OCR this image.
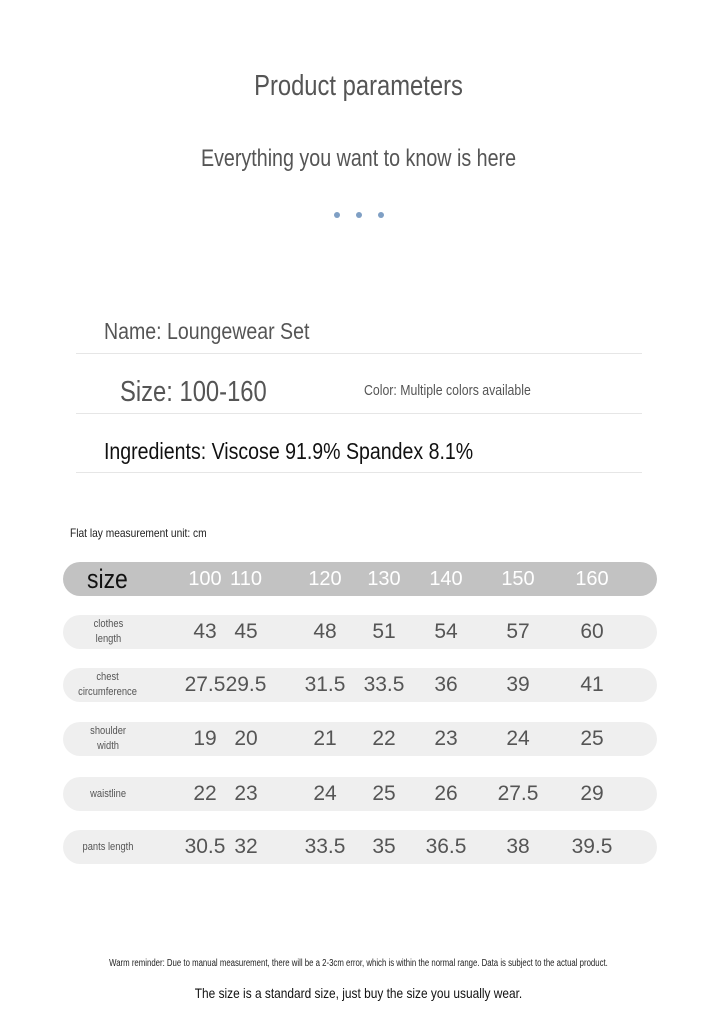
Product parameters
Everything you want to know is here
Name: Loungewear Set
Size: 100-160	Color: Multiple colors available
Ingredients: Viscose 91.9% Spandex 8.1%
Flat lay measurement unit: cm
size	100 110 120 130 140 150 160
clothes
length	43 45	48 51 54 57 60
chest
circumference 27.5 29.5 31.5 33.5 36 39 41
shoulder
width	19 20	21 22 23 24 25
waistline	22 23	24 25 26 27.5 29
pants length 30.5 32 33.5 35 36.5 38 39.5
Warm reminder: Due to manual measurement, there will be a 2-3cm error, which is within the normal range. Data is subject to the actual product.
The size is a standard size, just buy the size you usually wear.
